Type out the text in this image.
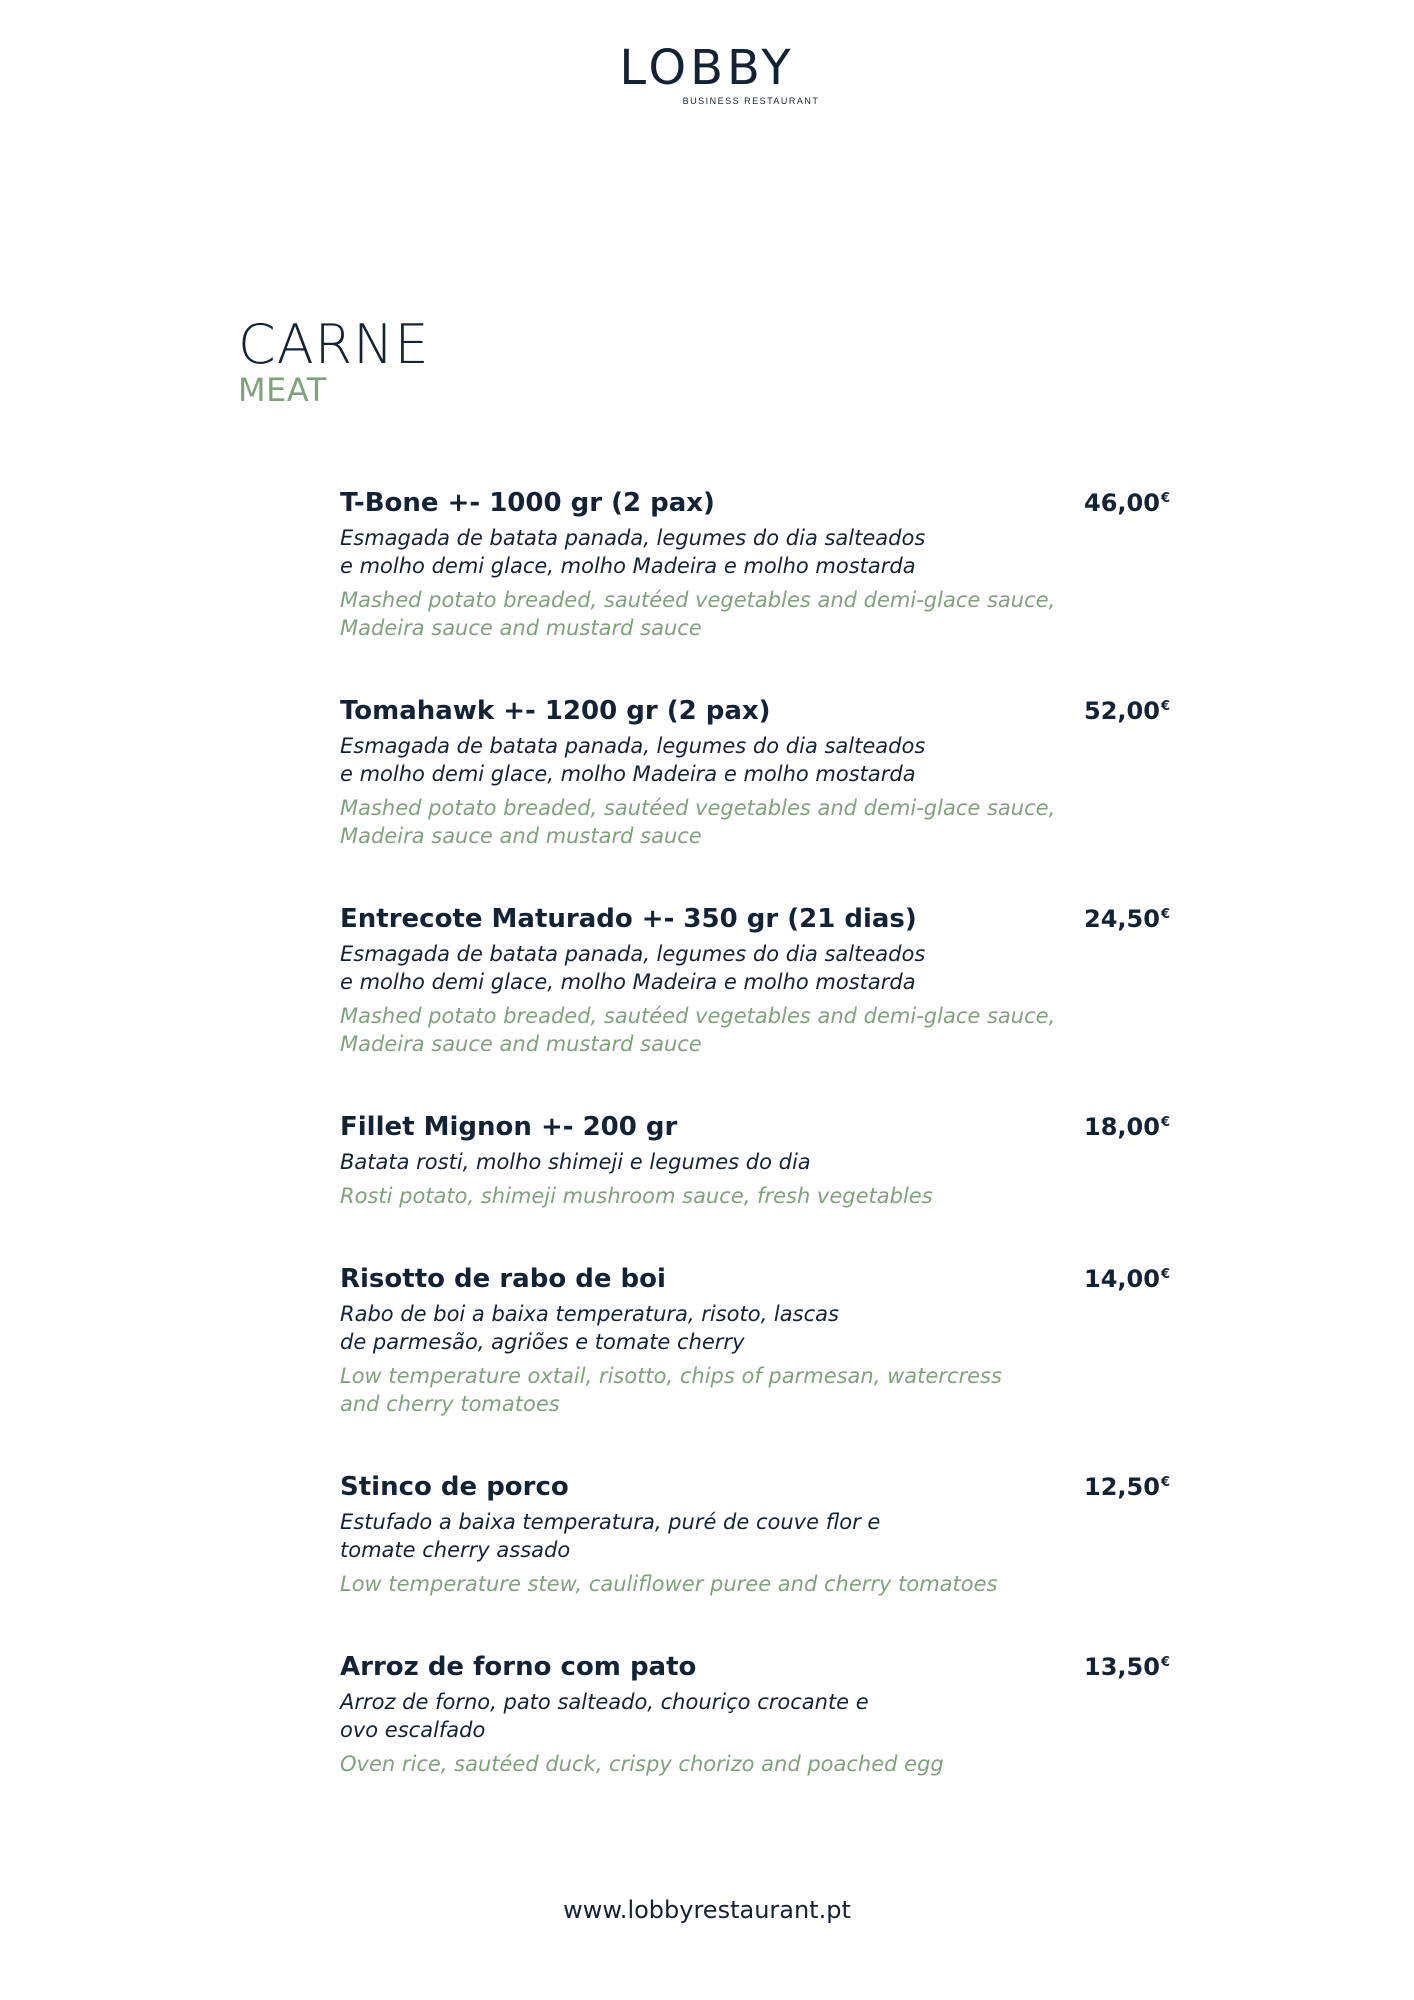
LOBBY
BUSINESS RESTAURANT
CARNE
MEAT
T-Bone +- 1000 gr (2 pax)	46,00€
Esmagada de batata panada, legumes do dia salteados
e molho demi glace, molho Madeira e molho mostarda
Mashed potato breaded, sautéed vegetables and demi-glace sauce,
Madeira sauce and mustard sauce
Tomahawk +- 1200 gr (2 pax)	52,00€
Esmagada de batata panada, legumes do dia salteados
e molho demi glace, molho Madeira e molho mostarda
Mashed potato breaded, sautéed vegetables and demi-glace sauce,
Madeira sauce and mustard sauce
Entrecote Maturado +- 350 gr (21 dias)	24,50€
Esmagada de batata panada, legumes do dia salteados
e molho demi glace, molho Madeira e molho mostarda
Mashed potato breaded, sautéed vegetables and demi-glace sauce,
Madeira sauce and mustard sauce
Fillet Mignon +- 200 gr	18,00€
Batata rosti, molho shimeji e legumes do dia
Rosti potato, shimeji mushroom sauce, fresh vegetables
Risotto de rabo de boi	14,00€
Rabo de boi a baixa temperatura, risoto, lascas
de parmesão, agriões e tomate cherry
Low temperature oxtail, risotto, chips of parmesan, watercress
and cherry tomatoes
Stinco de porco	12,50€
Estufado a baixa temperatura, puré de couve flor e
tomate cherry assado
Low temperature stew, cauliflower puree and cherry tomatoes
Arroz de forno com pato	13,50€
Arroz de forno, pato salteado, chouriço crocante e
ovo escalfado
Oven rice, sautéed duck, crispy chorizo and poached egg
www.lobbyrestaurant.pt
